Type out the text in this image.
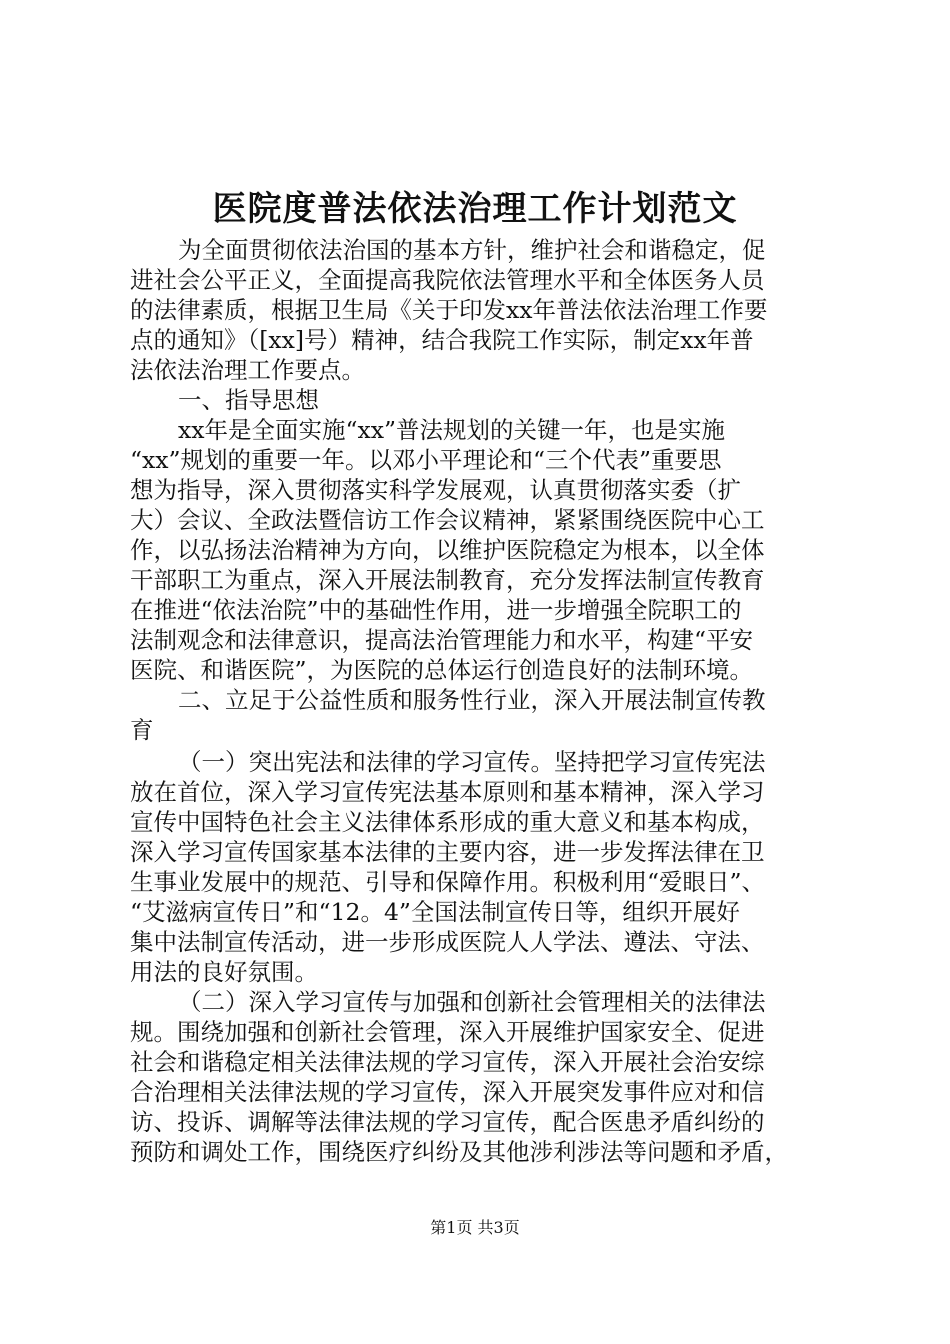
医院度普法依法治理工作计划范文
为全面贯彻依法治国的基本方针，维护社会和谐稳定，促
进社会公平正义，全面提高我院依法管理水平和全体医务人员
的法律素质，根据卫生局《关于印发xx年普法依法治理工作要
点的通知》（[xx]号）精神，结合我院工作实际，制定xx年普
法依法治理工作要点。
一、指导思想
xx年是全面实施“xx”普法规划的关键一年，也是实施
“xx”规划的重要一年。以邓小平理论和“三个代表”重要思
想为指导，深入贯彻落实科学发展观，认真贯彻落实委（扩
大）会议、全政法暨信访工作会议精神，紧紧围绕医院中心工
作，以弘扬法治精神为方向，以维护医院稳定为根本，以全体
干部职工为重点，深入开展法制教育，充分发挥法制宣传教育
在推进“依法治院”中的基础性作用，进一步增强全院职工的
法制观念和法律意识，提高法治管理能力和水平，构建“平安
医院、和谐医院”，为医院的总体运行创造良好的法制环境。
二、立足于公益性质和服务性行业，深入开展法制宣传教
育
（一）突出宪法和法律的学习宣传。坚持把学习宣传宪法
放在首位，深入学习宣传宪法基本原则和基本精神，深入学习
宣传中国特色社会主义法律体系形成的重大意义和基本构成，
深入学习宣传国家基本法律的主要内容，进一步发挥法律在卫
生事业发展中的规范、引导和保障作用。积极利用“爱眼日”、
“艾滋病宣传日”和“12。4”全国法制宣传日等，组织开展好
集中法制宣传活动，进一步形成医院人人学法、遵法、守法、
用法的良好氛围。
（二）深入学习宣传与加强和创新社会管理相关的法律法
规。围绕加强和创新社会管理，深入开展维护国家安全、促进
社会和谐稳定相关法律法规的学习宣传，深入开展社会治安综
合治理相关法律法规的学习宣传，深入开展突发事件应对和信
访、投诉、调解等法律法规的学习宣传，配合医患矛盾纠纷的
预防和调处工作，围绕医疗纠纷及其他涉利涉法等问题和矛盾，
第1页 共3页
